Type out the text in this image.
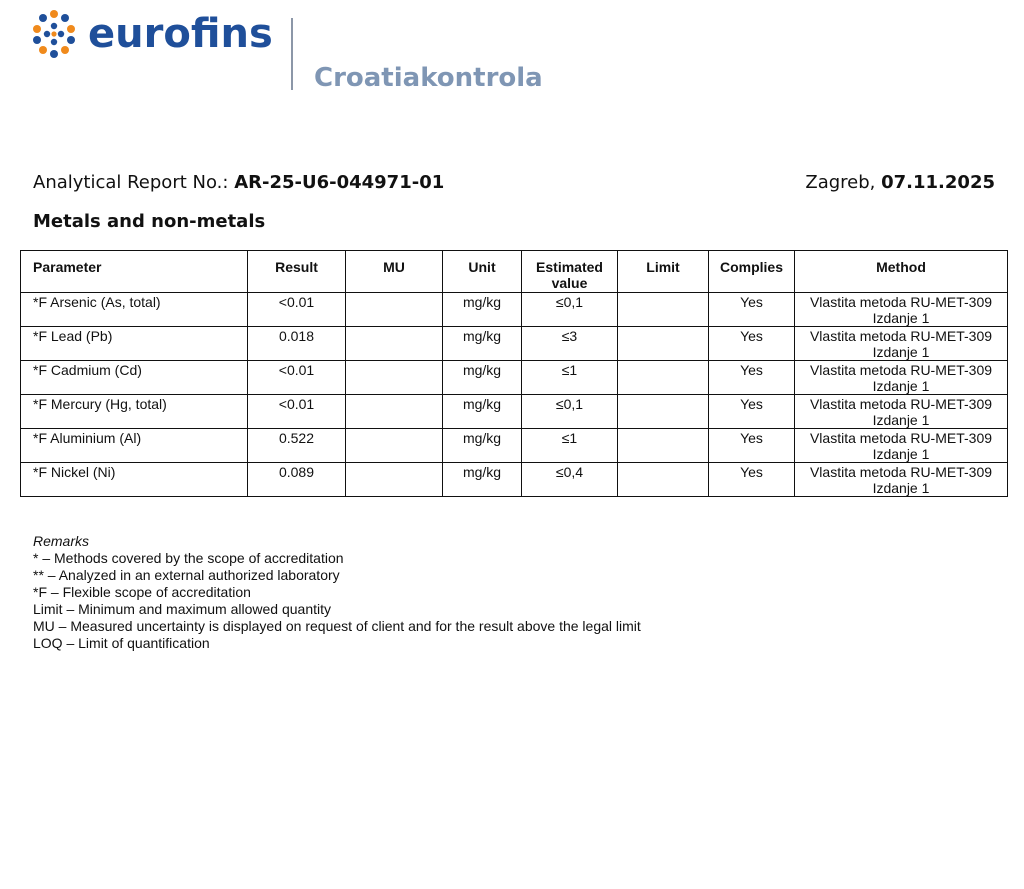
eurofins
Croatiakontrola
Analytical Report No.: AR-25-U6-044971-01	Zagreb, 07.11.2025
Metals and non-metals
Parameter	Result	MU	Unit	Estimated value	Limit	Complies	Method
*F Arsenic (As, total)	<0.01		mg/kg	≤0,1		Yes	Vlastita metoda RU-MET-309
Izdanje 1

*F Lead (Pb)	0.018		mg/kg	≤3		Yes	Vlastita metoda RU-MET-309
Izdanje 1

*F Cadmium (Cd)	<0.01		mg/kg	≤1		Yes	Vlastita metoda RU-MET-309
Izdanje 1

*F Mercury (Hg, total)	<0.01		mg/kg	≤0,1		Yes	Vlastita metoda RU-MET-309
Izdanje 1

*F Aluminium (Al)	0.522		mg/kg	≤1		Yes	Vlastita metoda RU-MET-309
Izdanje 1

*F Nickel (Ni)	0.089		mg/kg	≤0,4		Yes	Vlastita metoda RU-MET-309
Izdanje 1
Remarks
* – Methods covered by the scope of accreditation
** – Analyzed in an external authorized laboratory
*F – Flexible scope of accreditation
Limit – Minimum and maximum allowed quantity
MU – Measured uncertainty is displayed on request of client and for the result above the legal limit
LOQ – Limit of quantification
